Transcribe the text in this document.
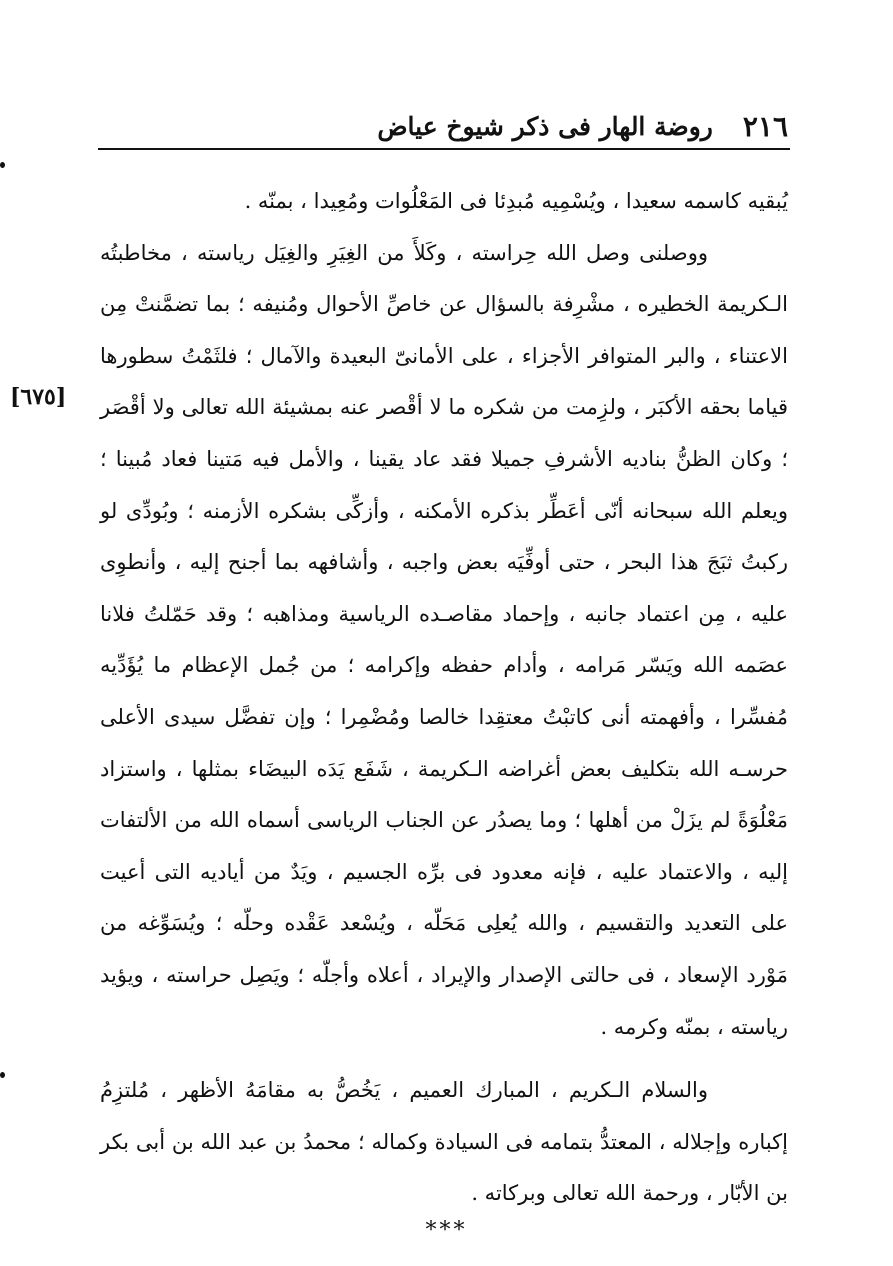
٢١٦
روضة الهار فى ذكر شيوخ عياض
[٦٧٥]

يُبقيه كاسمه سعيدا ، ويُسْمِيه مُبدِئا فى المَعْلُوات ومُعِيدا ، بمنّه .

ووصلنى وصل الله حِراسته ، وكَلأَ من الغِيَرِ والغِيَل رياسته ، مخاطبتُه الـكريمة الخطيره ، مشْرِفة بالسؤال عن خاصِّ الأحوال ومُنيفه ؛ بما تضمَّنتْ مِن الاعتناء ، والبر المتوافر الأجزاء ، على الأمانىّ البعيدة والآمال ؛ فلثَمْتُ سطورها قياما بحقه الأكبَر ، ولزِمت من شكره ما لا أقْصر عنه بمشيئة الله تعالى ولا أقْصَر ؛ وكان الظنُّ بناديه الأشرفِ جميلا فقد عاد يقينا ، والأمل فيه مَتينا فعاد مُبينا ؛ ويعلم الله سبحانه أنّى أعَطِّر بذكره الأمكنه ، وأزكِّى بشكره الأزمنه ؛ وبُودِّى لو ركبتُ ثبَجَ هذا البحر ، حتى أوفِّيَه بعض واجبه ، وأشافهه بما أجنح إليه ، وأنطوِى عليه ، مِن اعتماد جانبه ، وإحماد مقاصـده الرياسية ومذاهبه ؛ وقد حَمّلتُ فلانا عصَمه الله ويَسّر مَرامه ، وأدام حفظه وإكرامه ؛ من جُمل الإعظام ما يُؤَدِّيه مُفسِّرا ، وأفهمته أنى كاتبْتُ معتقِدا خالصا ومُضْمِرا ؛ وإن تفضَّل سيدى الأعلى حرسـه الله بتكليف بعض أغراضه الـكريمة ، شَفَع يَدَه البيضَاء بمثلها ، واستزاد مَعْلُوَةً لم يزَلْ من أهلها ؛ وما يصدُر عن الجناب الرياسى أسماه الله من الألتفات إليه ، والاعتماد عليه ، فإنه معدود فى برِّه الجسيم ، ويَدٌ من أياديه التى أعيت على التعديد والتقسيم ، والله يُعلِى مَحَلّه ، ويُسْعد عَقْده وحلّه ؛ ويُسَوِّغه من مَوْرد الإسعاد ، فى حالتى الإصدار والإيراد ، أعلاه وأجلّه ؛ ويَصِل حراسته ، ويؤيد رياسته ، بمنّه وكرمه .

والسلام الـكريم ، المبارك العميم ، يَخُصُّ به مقامَهُ الأظهر ، مُلتزِمُ إكباره وإجلاله ، المعتدُّ بتمامه فى السيادة وكماله ؛ محمدُ بن عبد الله بن أبى بكر بن الأبّار ، ورحمة الله تعالى وبركاته .

***
